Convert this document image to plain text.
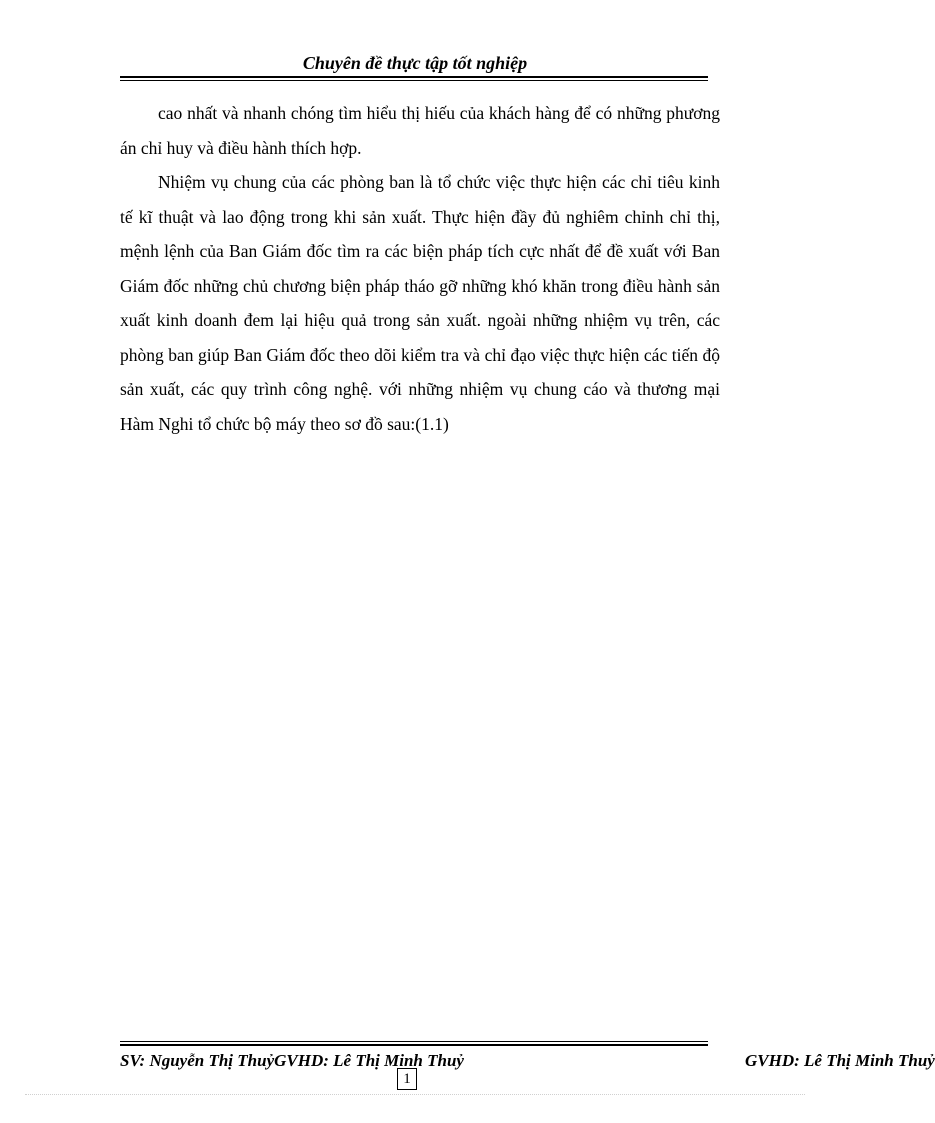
Chuyên đề thực tập tốt nghiệp

cao nhất và nhanh chóng tìm hiểu thị hiếu của khách hàng để có những phương án chỉ huy và điều hành thích hợp.

Nhiệm vụ chung của các phòng ban là tổ chức việc thực hiện các chỉ tiêu kinh tế kĩ thuật và lao động trong khi sản xuất. Thực hiện đầy đủ nghiêm chỉnh chỉ thị, mệnh lệnh của Ban Giám đốc tìm ra các biện pháp tích cực nhất để đề xuất với Ban Giám đốc những chủ chương biện pháp tháo gỡ những khó khăn trong điều hành sản xuất kinh doanh đem lại hiệu quả trong sản xuất. ngoài những nhiệm vụ trên, các phòng ban giúp Ban Giám đốc theo dõi kiểm tra và chỉ đạo việc thực hiện các tiến độ sản xuất, các quy trình công nghệ. với những nhiệm vụ chung cáo và thương mại Hàm Nghi tổ chức bộ máy theo sơ đồ sau:(1.1)

SV: Nguyễn Thị ThuỷGVHD: Lê Thị Minh Thuỷ	GVHD: Lê Thị Minh Thuỷ
1
